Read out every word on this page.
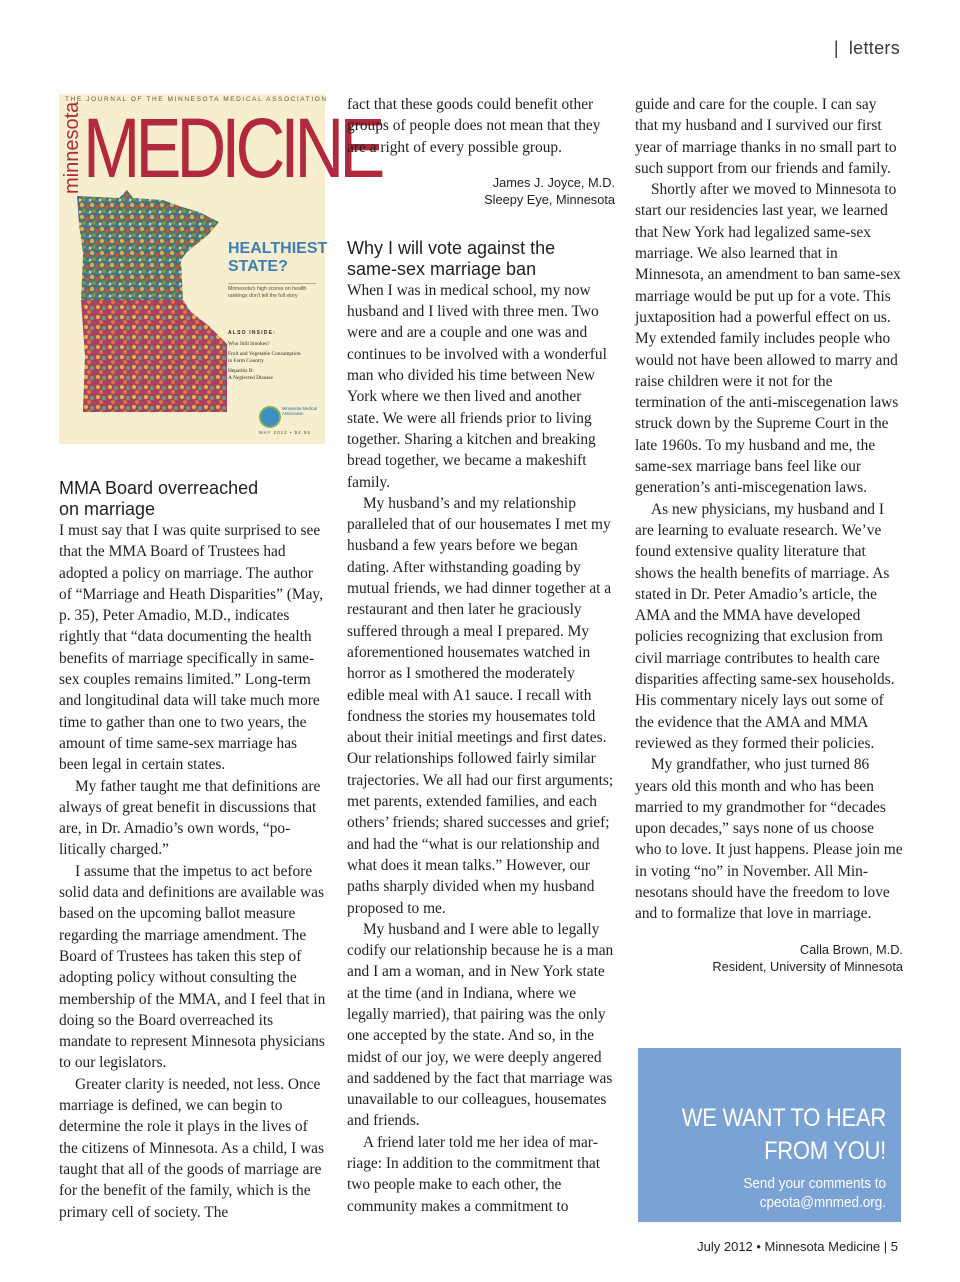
| letters
THE JOURNAL OF THE MINNESOTA MEDICAL ASSOCIATION
minnesota MEDICINE
HEALTHIEST
STATE?
Minnesota's high scores on health rankings don't tell the full story
ALSO INSIDE:
Who Still Smokes?
Fruit and Vegetable Consumption
in Farm Country
Hepatitis B:
A Neglected Disease
Minnesota Medical Association
MAY 2012 • $4.95
MMA Board overreached
on marriage

I must say that I was quite surprised to see that the MMA Board of Trustees had adopted a policy on marriage. The author of “Marriage and Heath Disparities” (May, p. 35), Peter Amadio, M.D., indicates rightly that “data documenting the health benefits of marriage specifically in same-sex couples remains limited.” Long-term and longitudinal data will take much more time to gather than one to two years, the amount of time same-sex marriage has been legal in certain states.

My father taught me that definitions are always of great benefit in discussions that are, in Dr. Amadio’s own words, “politically charged.”

I assume that the impetus to act before solid data and definitions are available was based on the upcoming ballot measure regarding the marriage amendment. The Board of Trustees has taken this step of adopting policy without consulting the membership of the MMA, and I feel that in doing so the Board overreached its mandate to represent Minnesota physicians to our legislators.

Greater clarity is needed, not less. Once marriage is defined, we can begin to determine the role it plays in the lives of the citizens of Minnesota. As a child, I was taught that all of the goods of marriage are for the benefit of the family, which is the primary cell of society. The

fact that these goods could benefit other groups of people does not mean that they are a right of every possible group.

James J. Joyce, M.D.
Sleepy Eye, Minnesota
Why I will vote against the
same-sex marriage ban

When I was in medical school, my now husband and I lived with three men. Two were and are a couple and one was and continues to be involved with a wonderful man who divided his time between New York where we then lived and another state. We were all friends prior to living together. Sharing a kitchen and breaking bread together, we became a makeshift family.

My husband’s and my relationship paralleled that of our housemates I met my husband a few years before we began dating. After withstanding goading by mutual friends, we had dinner together at a restaurant and then later he graciously suffered through a meal I prepared. My aforementioned housemates watched in horror as I smothered the moderately edible meal with A1 sauce. I recall with fondness the stories my housemates told about their initial meetings and first dates. Our relationships followed fairly similar trajectories. We all had our first arguments; met parents, extended families, and each others’ friends; shared successes and grief; and had the “what is our relationship and what does it mean talks.” However, our paths sharply divided when my husband proposed to me.

My husband and I were able to legally codify our relationship because he is a man and I am a woman, and in New York state at the time (and in Indiana, where we legally married), that pairing was the only one accepted by the state. And so, in the midst of our joy, we were deeply angered and saddened by the fact that marriage was unavailable to our colleagues, housemates and friends.

A friend later told me her idea of marriage: In addition to the commitment that two people make to each other, the community makes a commitment to

guide and care for the couple. I can say that my husband and I survived our first year of marriage thanks in no small part to such support from our friends and family.

Shortly after we moved to Minnesota to start our residencies last year, we learned that New York had legalized same-sex marriage. We also learned that in Minnesota, an amendment to ban same-sex marriage would be put up for a vote. This juxtaposition had a powerful effect on us. My extended family includes people who would not have been allowed to marry and raise children were it not for the termination of the anti-miscegenation laws struck down by the Supreme Court in the late 1960s. To my husband and me, the same-sex marriage bans feel like our generation’s anti-miscegenation laws.

As new physicians, my husband and I are learning to evaluate research. We’ve found extensive quality literature that shows the health benefits of marriage. As stated in Dr. Peter Amadio’s article, the AMA and the MMA have developed policies recognizing that exclusion from civil marriage contributes to health care disparities affecting same-sex households. His commentary nicely lays out some of the evidence that the AMA and MMA reviewed as they formed their policies.

My grandfather, who just turned 86 years old this month and who has been married to my grandmother for “decades upon decades,” says none of us choose who to love. It just happens. Please join me in voting “no” in November. All Minnesotans should have the freedom to love and to formalize that love in marriage.

Calla Brown, M.D.
Resident, University of Minnesota
WE WANT TO HEAR
FROM YOU!
Send your comments to
cpeota@mnmed.org.
July 2012 • Minnesota Medicine | 5
